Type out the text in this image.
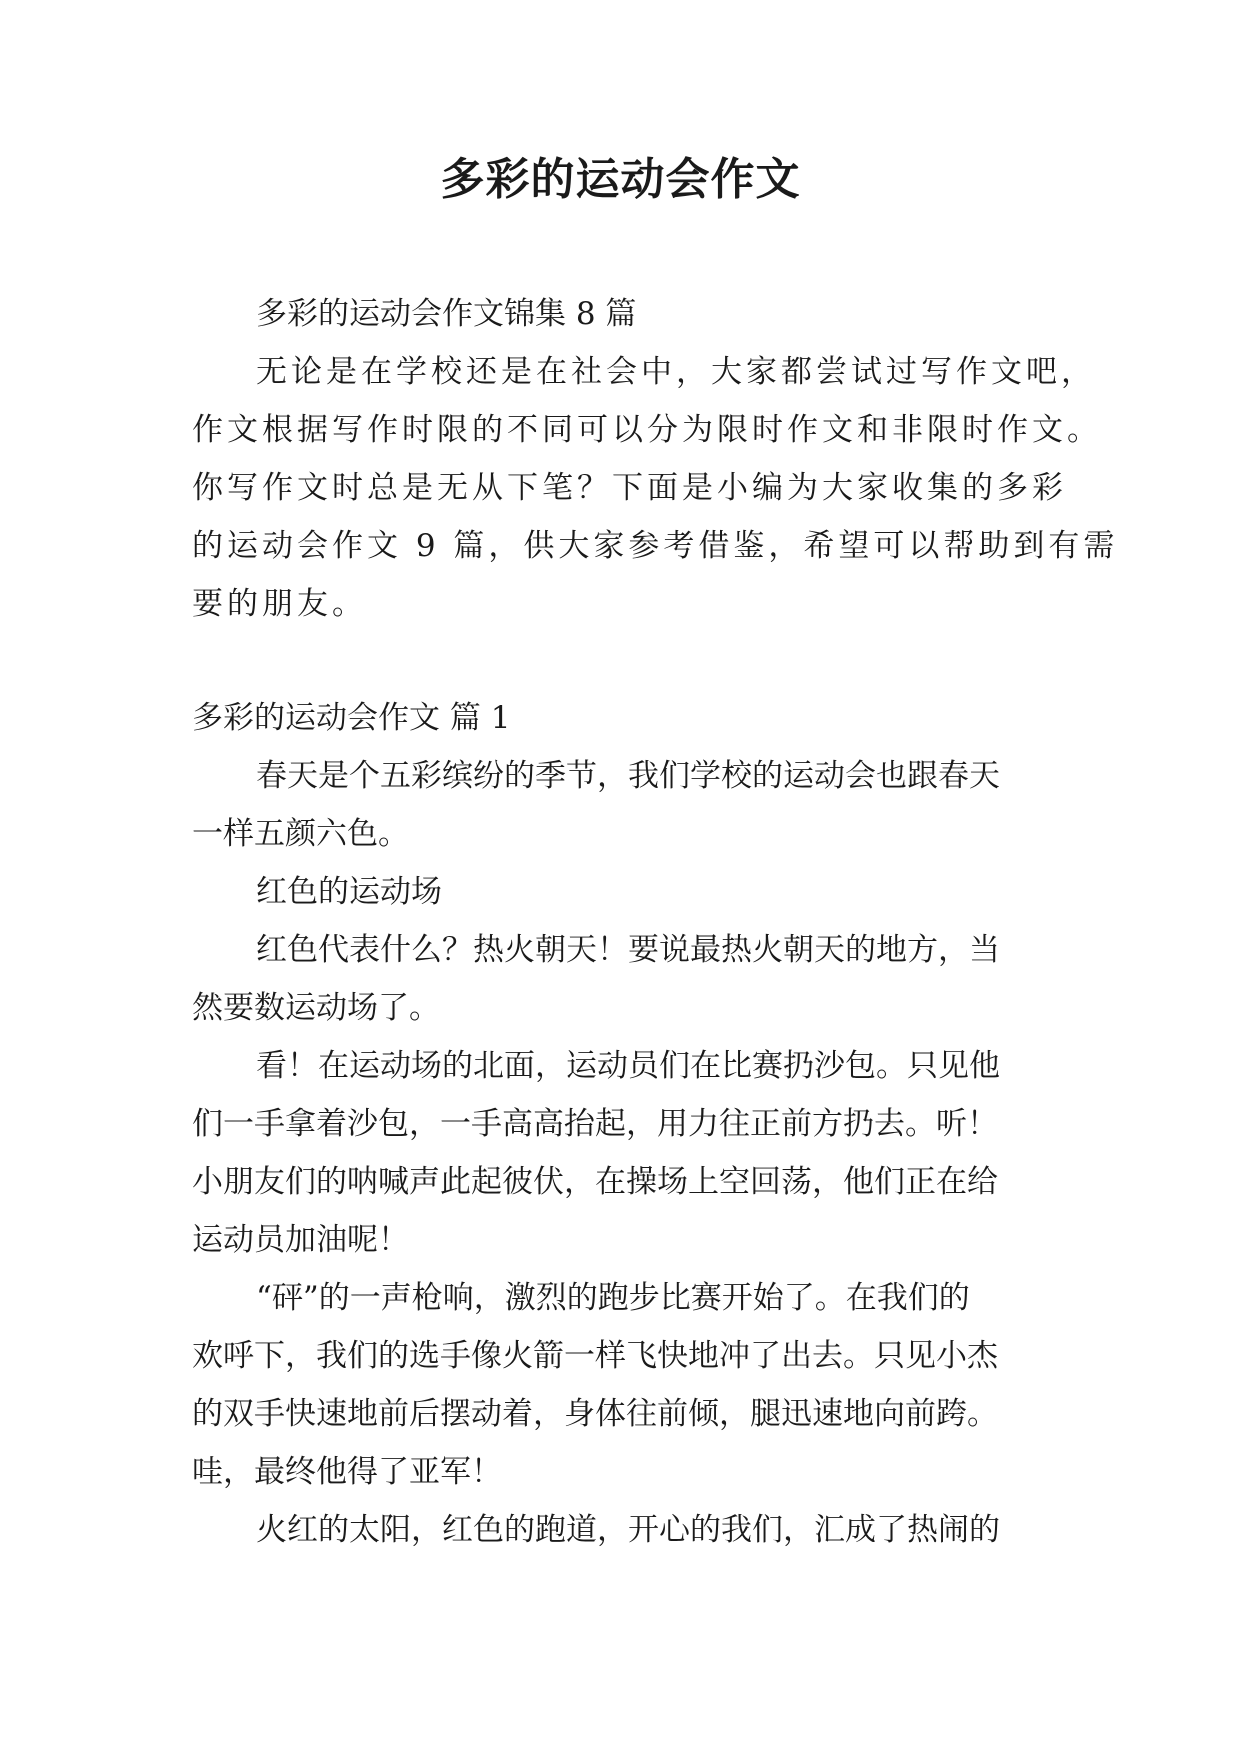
多彩的运动会作文

多彩的运动会作文锦集 8 篇

无论是在学校还是在社会中，大家都尝试过写作文吧，

作文根据写作时限的不同可以分为限时作文和非限时作文。

你写作文时总是无从下笔？下面是小编为大家收集的多彩

的运动会作文 9 篇，供大家参考借鉴，希望可以帮助到有需

要的朋友。

多彩的运动会作文 篇 1

春天是个五彩缤纷的季节，我们学校的运动会也跟春天

一样五颜六色。

红色的运动场

红色代表什么？热火朝天！要说最热火朝天的地方，当

然要数运动场了。

看！在运动场的北面，运动员们在比赛扔沙包。只见他

们一手拿着沙包，一手高高抬起，用力往正前方扔去。听！

小朋友们的呐喊声此起彼伏，在操场上空回荡，他们正在给

运动员加油呢！

“砰”的一声枪响，激烈的跑步比赛开始了。在我们的

欢呼下，我们的选手像火箭一样飞快地冲了出去。只见小杰

的双手快速地前后摆动着，身体往前倾，腿迅速地向前跨。

哇，最终他得了亚军！

火红的太阳，红色的跑道，开心的我们，汇成了热闹的
